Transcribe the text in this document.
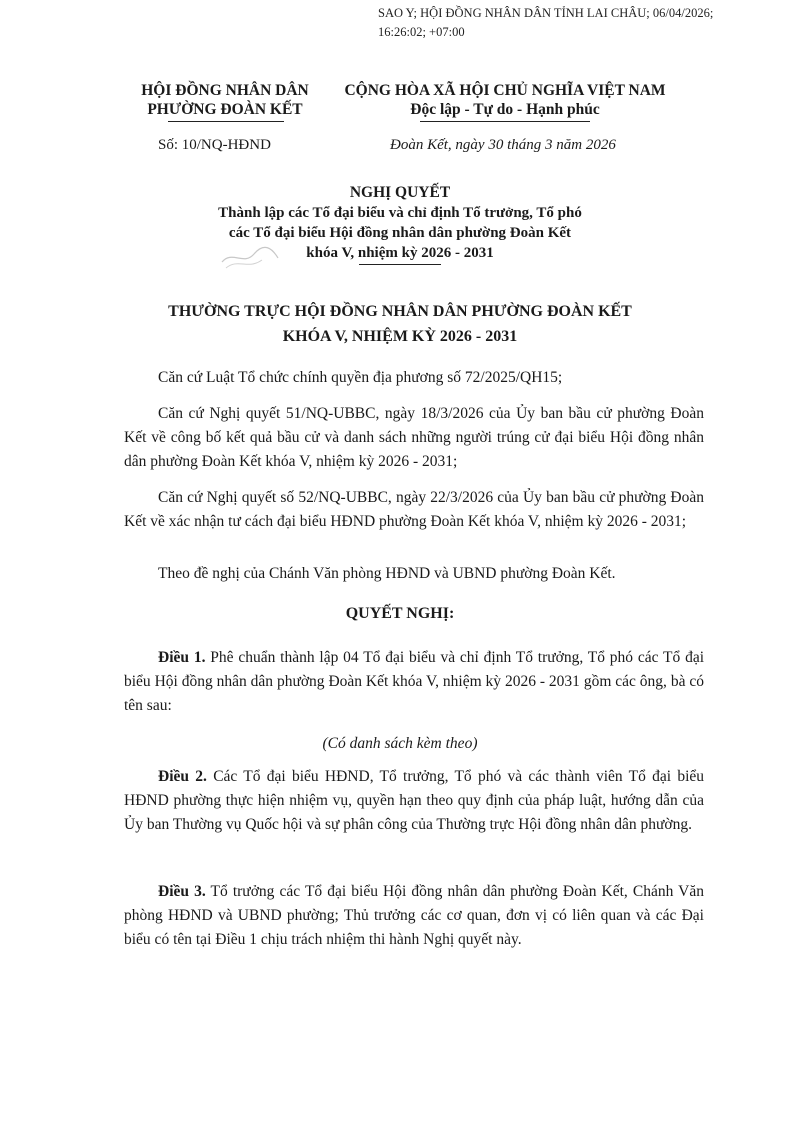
SAO Y; HỘI ĐỒNG NHÂN DÂN TỈNH LAI CHÂU; 06/04/2026;
16:26:02; +07:00
HỘI ĐỒNG NHÂN DÂN
PHƯỜNG ĐOÀN KẾT
CỘNG HÒA XÃ HỘI CHỦ NGHĨA VIỆT NAM
Độc lập - Tự do - Hạnh phúc
Số: 10/NQ-HĐND	Đoàn Kết, ngày 30 tháng 3 năm 2026
NGHỊ QUYẾT
Thành lập các Tổ đại biểu và chỉ định Tổ trưởng, Tổ phó
các Tổ đại biểu Hội đồng nhân dân phường Đoàn Kết
khóa V, nhiệm kỳ 2026 - 2031
THƯỜNG TRỰC HỘI ĐỒNG NHÂN DÂN PHƯỜNG ĐOÀN KẾT
KHÓA V, NHIỆM KỲ 2026 - 2031
Căn cứ Luật Tổ chức chính quyền địa phương số 72/2025/QH15;
Căn cứ Nghị quyết 51/NQ-UBBC, ngày 18/3/2026 của Ủy ban bầu cử phường Đoàn Kết về công bố kết quả bầu cử và danh sách những người trúng cử đại biểu Hội đồng nhân dân phường Đoàn Kết khóa V, nhiệm kỳ 2026 - 2031;
Căn cứ Nghị quyết số 52/NQ-UBBC, ngày 22/3/2026 của Ủy ban bầu cử phường Đoàn Kết về xác nhận tư cách đại biểu HĐND phường Đoàn Kết khóa V, nhiệm kỳ 2026 - 2031;
Theo đề nghị của Chánh Văn phòng HĐND và UBND phường Đoàn Kết.
QUYẾT NGHỊ:
Điều 1. Phê chuẩn thành lập 04 Tổ đại biểu và chỉ định Tổ trưởng, Tổ phó các Tổ đại biểu Hội đồng nhân dân phường Đoàn Kết khóa V, nhiệm kỳ 2026 - 2031 gồm các ông, bà có tên sau:
(Có danh sách kèm theo)
Điều 2. Các Tổ đại biểu HĐND, Tổ trưởng, Tổ phó và các thành viên Tổ đại biểu HĐND phường thực hiện nhiệm vụ, quyền hạn theo quy định của pháp luật, hướng dẫn của Ủy ban Thường vụ Quốc hội và sự phân công của Thường trực Hội đồng nhân dân phường.
Điều 3. Tổ trưởng các Tổ đại biểu Hội đồng nhân dân phường Đoàn Kết, Chánh Văn phòng HĐND và UBND phường; Thủ trưởng các cơ quan, đơn vị có liên quan và các Đại biểu có tên tại Điều 1 chịu trách nhiệm thi hành Nghị quyết này.
